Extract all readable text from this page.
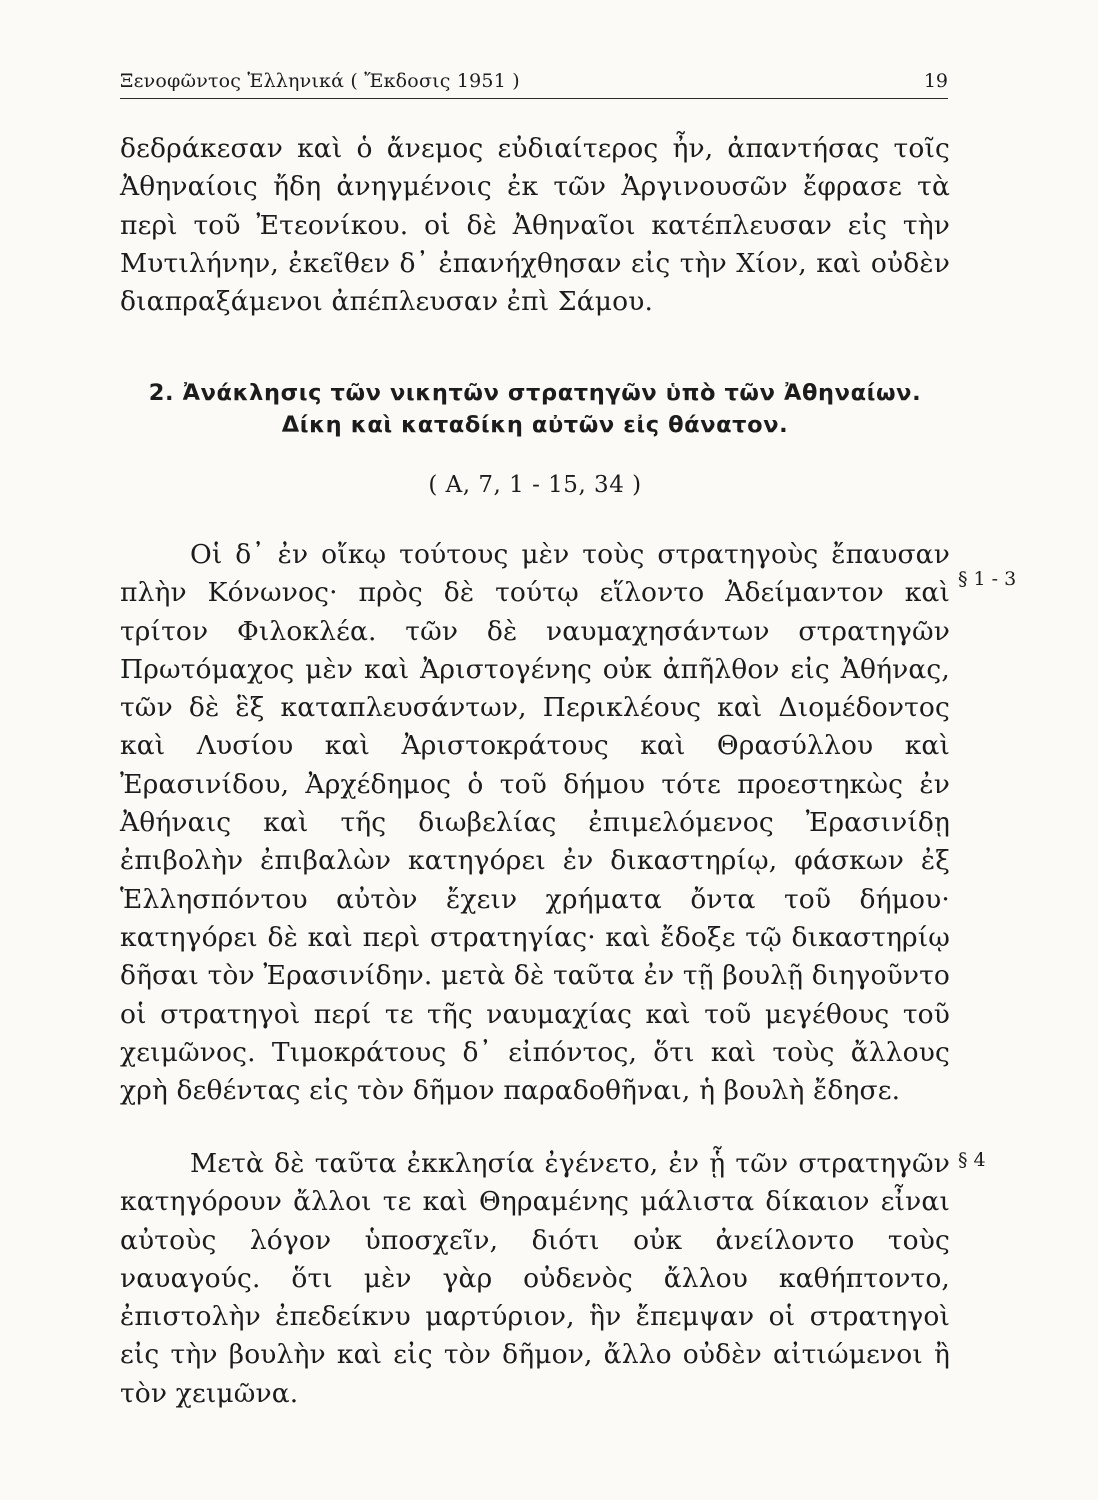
Ξενοφῶντος Ἑλληνικά ( Ἔκδοσις 1951 )	19

δεδράκεσαν καὶ ὁ ἄνεμος εὐδιαίτερος ἦν, ἀπαντήσας τοῖς Ἀθηναίοις ἤδη ἀνηγμένοις ἐκ τῶν Ἀργινουσῶν ἔφρασε τὰ περὶ τοῦ Ἐτεονίκου. οἱ δὲ Ἀθηναῖοι κατέπλευσαν εἰς τὴν Μυτιλήνην, ἐκεῖθεν δ᾽ ἐπανήχθησαν εἰς τὴν Χίον, καὶ οὐδὲν διαπραξάμενοι ἀπέπλευσαν ἐπὶ Σάμου.

2. Ἀνάκλησις τῶν νικητῶν στρατηγῶν ὑπὸ τῶν Ἀθηναίων.
Δίκη καὶ καταδίκη αὐτῶν εἰς θάνατον.
( Α, 7, 1 - 15, 34 )

Οἱ δ᾽ ἐν οἴκῳ τούτους μὲν τοὺς στρατηγοὺς ἔπαυσαν πλὴν Κόνωνος· πρὸς δὲ τούτῳ εἵλοντο Ἀδείμαντον καὶ τρίτον Φιλοκλέα. τῶν δὲ ναυμαχησάντων στρατηγῶν Πρωτόμαχος μὲν καὶ Ἀριστογένης οὐκ ἀπῆλθον εἰς Ἀθήνας, τῶν δὲ ἓξ καταπλευσάντων, Περικλέους καὶ Διομέδοντος καὶ Λυσίου καὶ Ἀριστοκράτους καὶ Θρασύλλου καὶ Ἐρασινίδου, Ἀρχέδημος ὁ τοῦ δήμου τότε προεστηκὼς ἐν Ἀθήναις καὶ τῆς διωβελίας ἐπιμελόμενος Ἐρασινίδῃ ἐπιβολὴν ἐπιβαλὼν κατηγόρει ἐν δικαστηρίῳ, φάσκων ἐξ Ἑλλησπόντου αὐτὸν ἔχειν χρήματα ὄντα τοῦ δήμου· κατηγόρει δὲ καὶ περὶ στρατηγίας· καὶ ἔδοξε τῷ δικαστηρίῳ δῆσαι τὸν Ἐρασινίδην. μετὰ δὲ ταῦτα ἐν τῇ βουλῇ διηγοῦντο οἱ στρατηγοὶ περί τε τῆς ναυμαχίας καὶ τοῦ μεγέθους τοῦ χειμῶνος. Τιμοκράτους δ᾽ εἰπόντος, ὅτι καὶ τοὺς ἄλλους χρὴ δεθέντας εἰς τὸν δῆμον παραδοθῆναι, ἡ βουλὴ ἔδησε.

§ 1 - 3

Μετὰ δὲ ταῦτα ἐκκλησία ἐγένετο, ἐν ᾗ τῶν στρατηγῶν κατηγόρουν ἄλλοι τε καὶ Θηραμένης μάλιστα δίκαιον εἶναι αὐτοὺς λόγον ὑποσχεῖν, διότι οὐκ ἀνείλοντο τοὺς ναυαγούς. ὅτι μὲν γὰρ οὐδενὸς ἄλλου καθήπτοντο, ἐπιστολὴν ἐπεδείκνυ μαρτύριον, ἣν ἔπεμψαν οἱ στρατηγοὶ εἰς τὴν βουλὴν καὶ εἰς τὸν δῆμον, ἄλλο οὐδὲν αἰτιώμενοι ἢ τὸν χειμῶνα.

§ 4
